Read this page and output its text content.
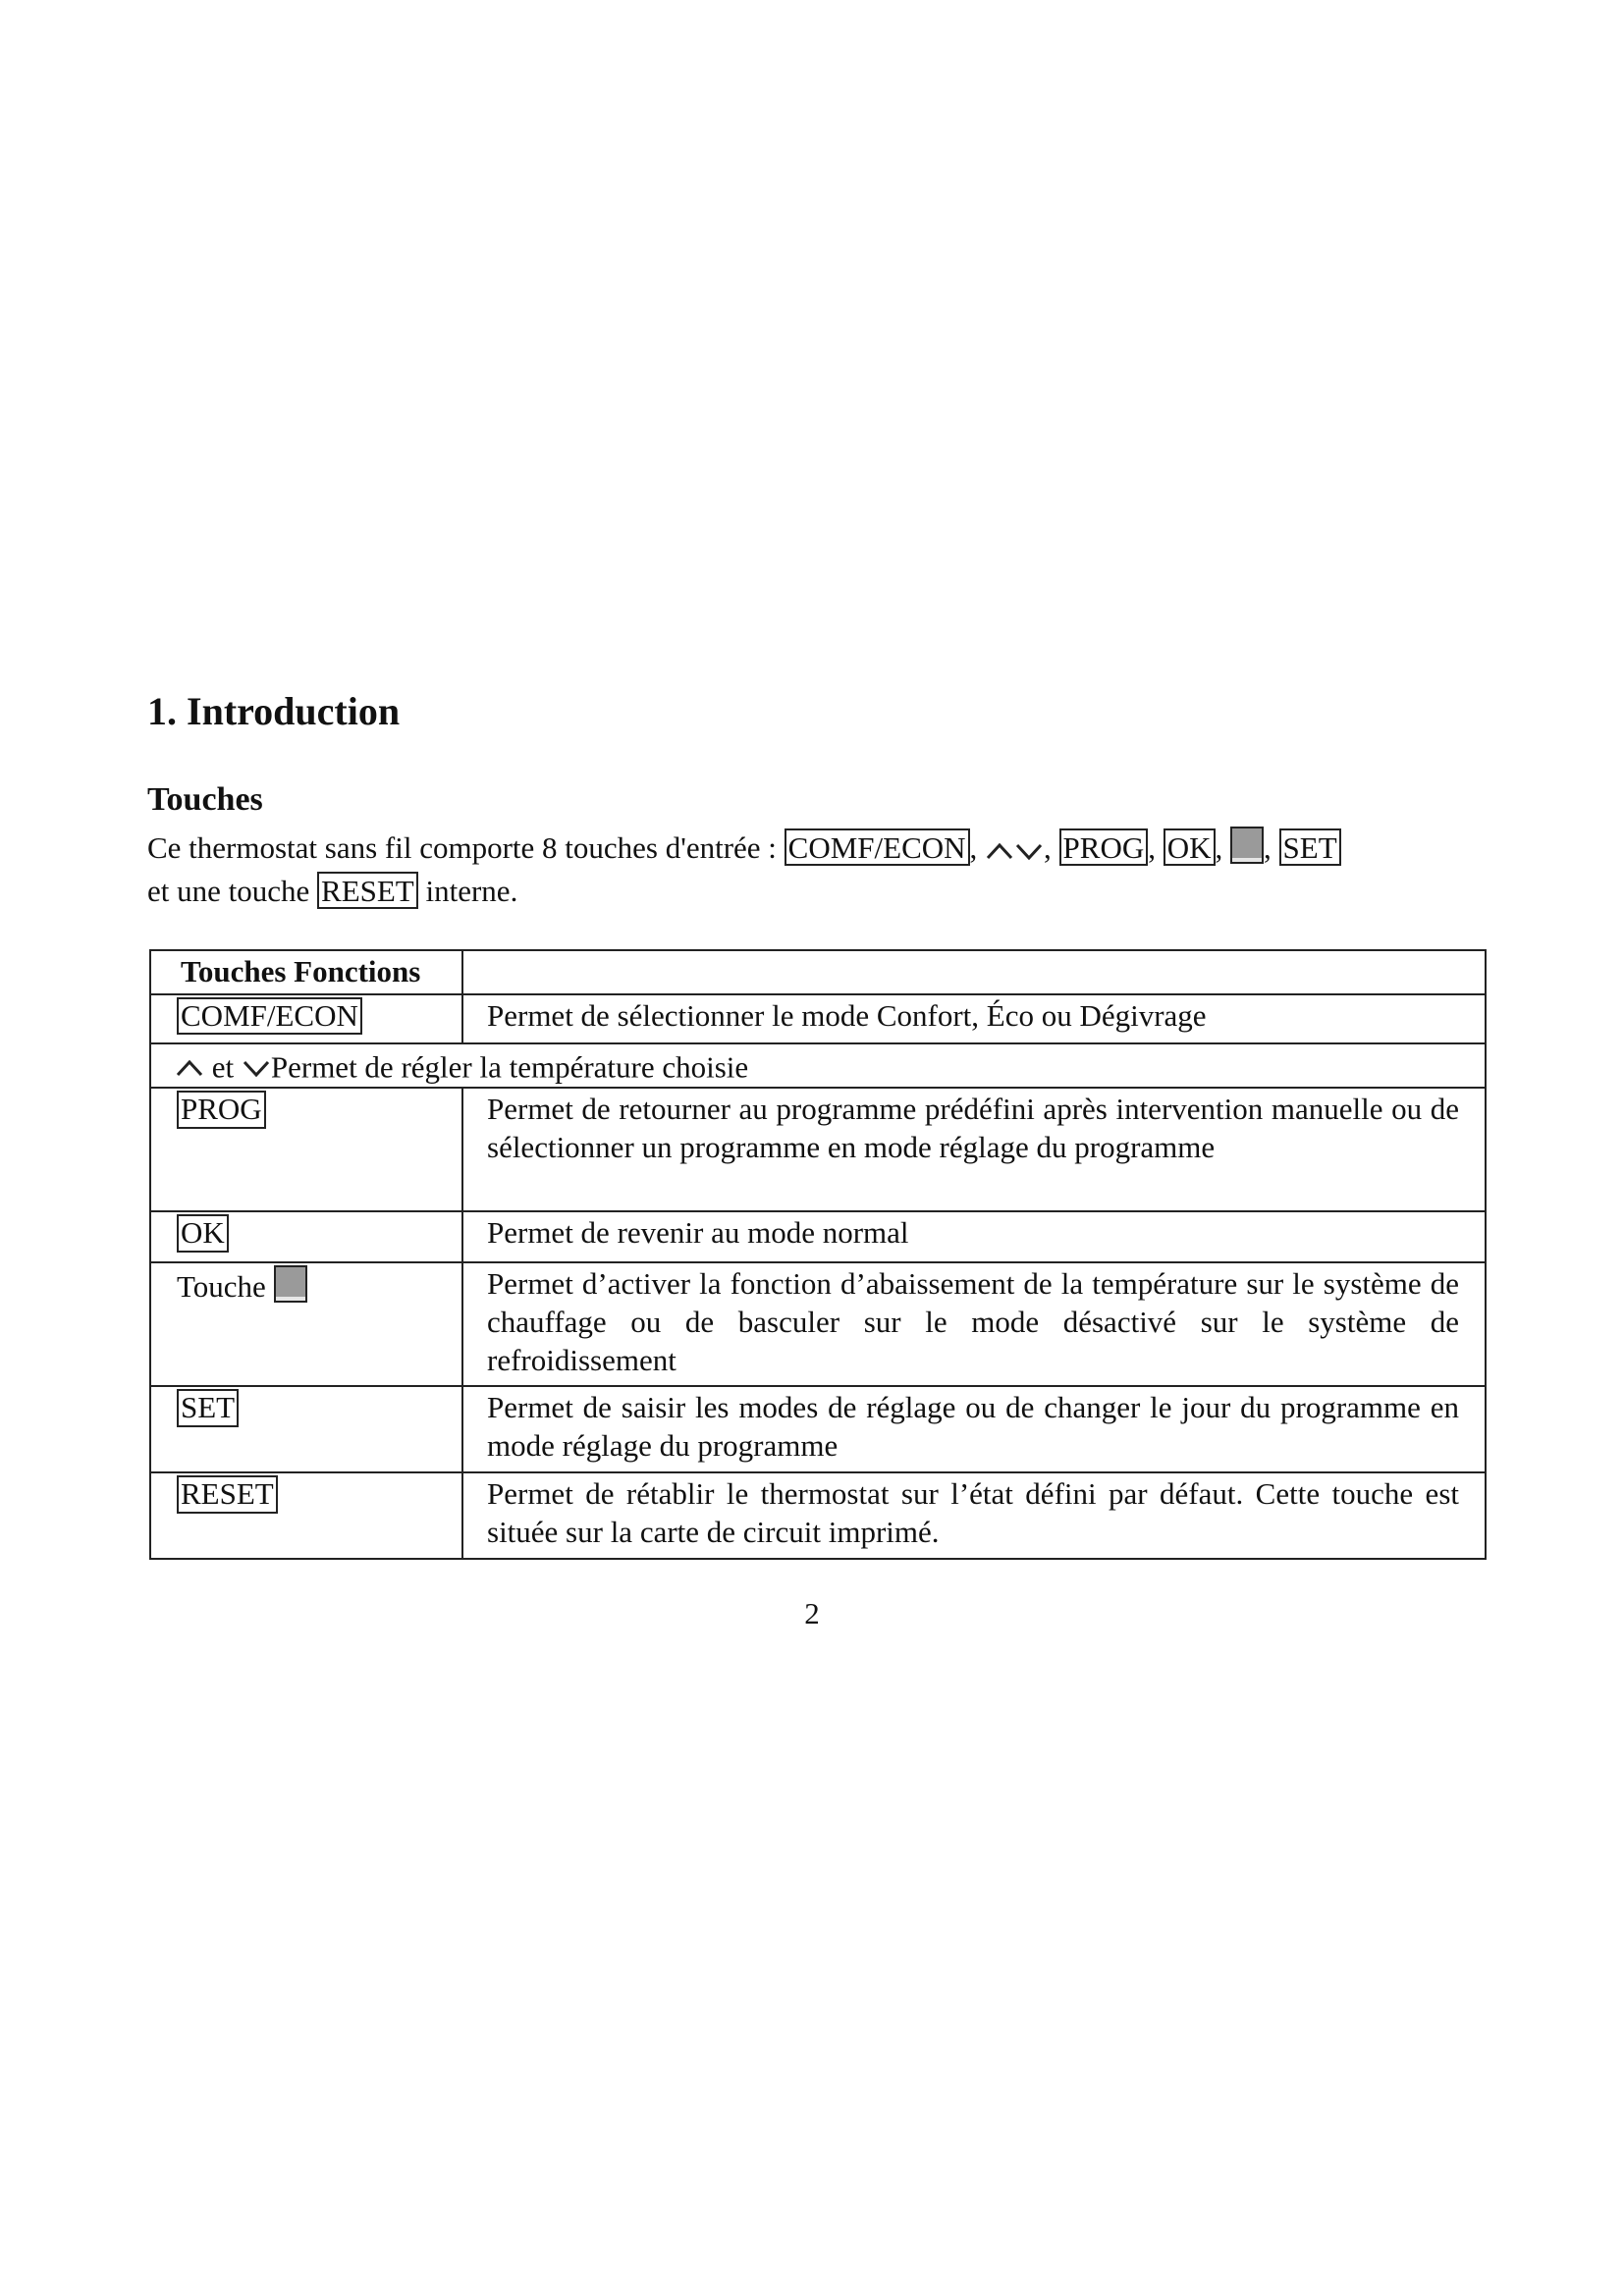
1. Introduction
Touches
Ce thermostat sans fil comporte 8 touches d'entrée : COMF/ECON ,
, PROG , OK , , SET
et une touche RESET interne.
Touches Fonctions	
COMF/ECON	Permet de sélectionner le mode Confort, Éco ou Dégivrage

et Permet de régler la température choisie	
PROG	Permet de retourner au programme prédéfini après intervention manuelle ou de sélectionner un programme en mode réglage du programme
OK	Permet de revenir au mode normal
Touche	Permet d’activer la fonction d’abaissement de la température sur le système de chauffage ou de basculer sur le mode désactivé sur le système de refroidissement
SET	Permet de saisir les modes de réglage ou de changer le jour du programme en mode réglage du programme
RESET	Permet de rétablir le thermostat sur l’état défini par défaut. Cette touche est située sur la carte de circuit imprimé.
2
